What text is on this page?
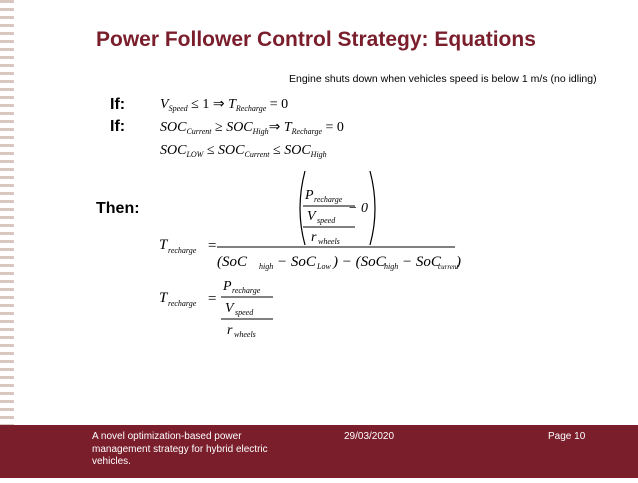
Power Follower Control Strategy: Equations
Engine shuts down when vehicles speed is below 1 m/s (no idling)
If:
If:
Then:
$V_{Speed} \le 1$ ⇒ $T_{Recharge} = 0$
$SOC_{Current}$ ≥ $SOC_{High}\Rightarrow$ $T_{Recharge} = 0$
$SOC_{LOW} \le SOC_{Current} \le SOC_{High}$
T recharge =
P recharge
V speed
− 0
r wheels
(SoC high − SoC Low ) − (SoC
high − SoC
current
)
T recharge =
P recharge
V speed
r wheels
A novel optimization-based power management strategy for hybrid electric vehicles.
29/03/2020	Page 10
